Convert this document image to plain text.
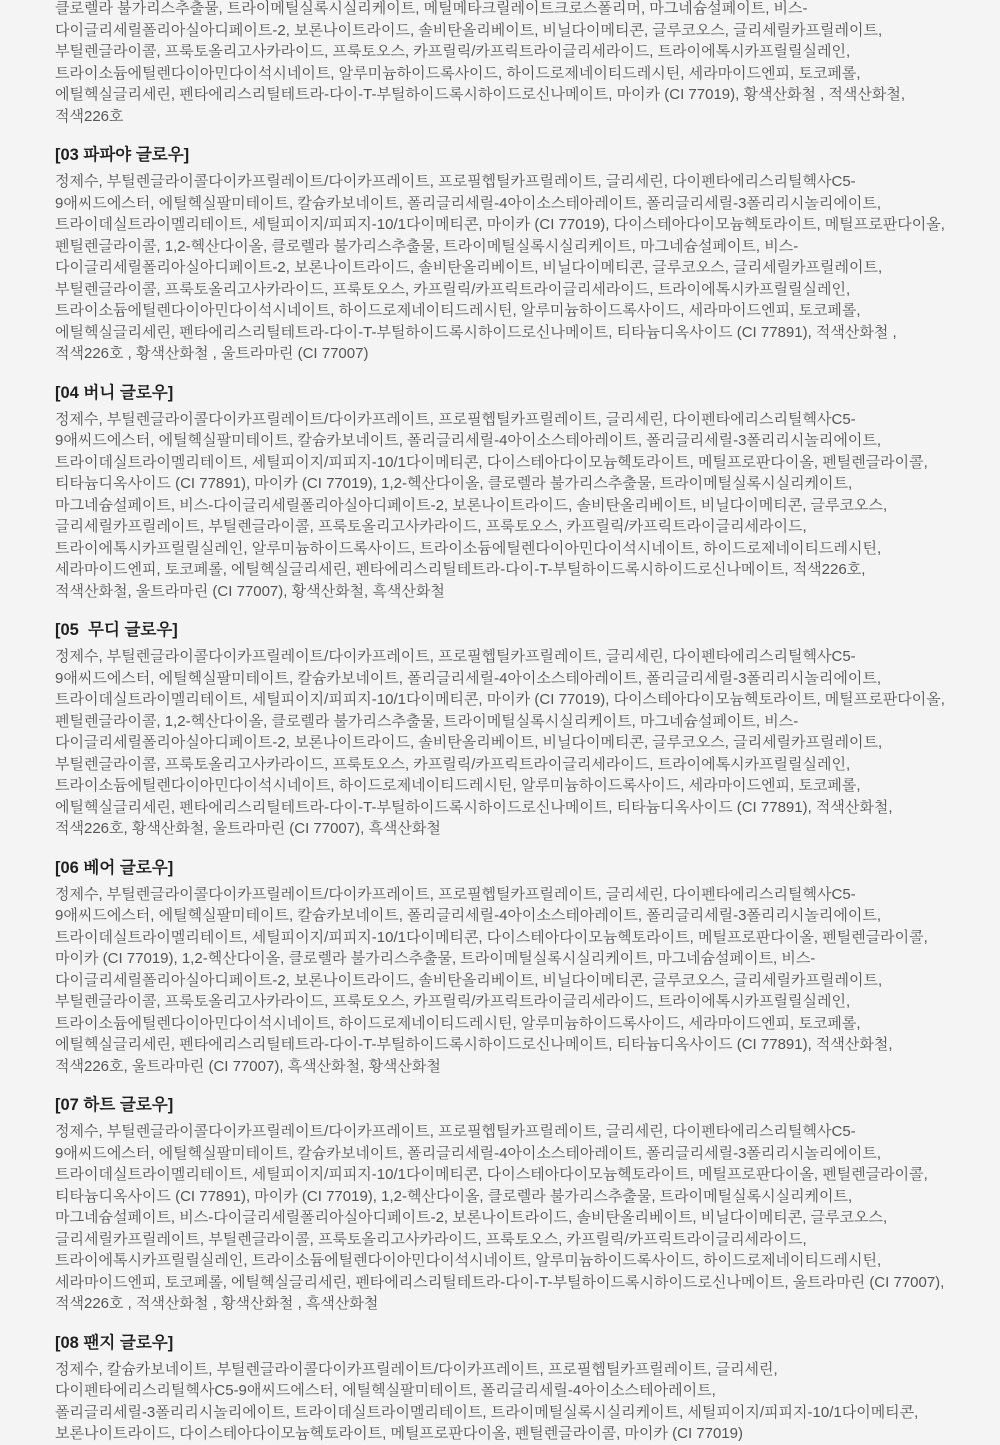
클로렐라 불가리스추출물, 트라이메틸실록시실리케이트, 메틸메타크릴레이트크로스폴리머, 마그네슘설페이트, 비스-다이글리세릴폴리아실아디페이트-2, 보론나이트라이드, 솔비탄올리베이트, 비닐다이메티콘, 글루코오스, 글리세릴카프릴레이트, 부틸렌글라이콜, 프룩토올리고사카라이드, 프룩토오스, 카프릴릭/카프릭트라이글리세라이드, 트라이에톡시카프릴릴실레인, 트라이소듐에틸렌다이아민다이석시네이트, 알루미늄하이드록사이드, 하이드로제네이티드레시틴, 세라마이드엔피, 토코페롤, 에틸헥실글리세린, 펜타에리스리틸테트라-다이-T-부틸하이드록시하이드로신나메이트, 마이카 (CI 77019), 황색산화철 , 적색산화철, 적색226호

[03 파파야 글로우]

정제수, 부틸렌글라이콜다이카프릴레이트/다이카프레이트, 프로필헵틸카프릴레이트, 글리세린, 다이펜타에리스리틸헥사C5-9애씨드에스터, 에틸헥실팔미테이트, 칼슘카보네이트, 폴리글리세릴-4아이소스테아레이트, 폴리글리세릴-3폴리리시놀리에이트, 트라이데실트라이멜리테이트, 세틸피이지/피피지-10/1다이메티콘, 마이카 (CI 77019), 다이스테아다이모늄헥토라이트, 메틸프로판다이올, 펜틸렌글라이콜, 1,2-헥산다이올, 클로렐라 불가리스추출물, 트라이메틸실록시실리케이트, 마그네슘설페이트, 비스-다이글리세릴폴리아실아디페이트-2, 보론나이트라이드, 솔비탄올리베이트, 비닐다이메티콘, 글루코오스, 글리세릴카프릴레이트, 부틸렌글라이콜, 프룩토올리고사카라이드, 프룩토오스, 카프릴릭/카프릭트라이글리세라이드, 트라이에톡시카프릴릴실레인, 트라이소듐에틸렌다이아민다이석시네이트, 하이드로제네이티드레시틴, 알루미늄하이드록사이드, 세라마이드엔피, 토코페롤, 에틸헥실글리세린, 펜타에리스리틸테트라-다이-T-부틸하이드록시하이드로신나메이트, 티타늄디옥사이드 (CI 77891), 적색산화철 , 적색226호 , 황색산화철 , 울트라마린 (CI 77007)

[04 버니 글로우]

정제수, 부틸렌글라이콜다이카프릴레이트/다이카프레이트, 프로필헵틸카프릴레이트, 글리세린, 다이펜타에리스리틸헥사C5-9애씨드에스터, 에틸헥실팔미테이트, 칼슘카보네이트, 폴리글리세릴-4아이소스테아레이트, 폴리글리세릴-3폴리리시놀리에이트, 트라이데실트라이멜리테이트, 세틸피이지/피피지-10/1다이메티콘, 다이스테아다이모늄헥토라이트, 메틸프로판다이올, 펜틸렌글라이콜, 티타늄디옥사이드 (CI 77891), 마이카 (CI 77019), 1,2-헥산다이올, 클로렐라 불가리스추출물, 트라이메틸실록시실리케이트, 마그네슘설페이트, 비스-다이글리세릴폴리아실아디페이트-2, 보론나이트라이드, 솔비탄올리베이트, 비닐다이메티콘, 글루코오스, 글리세릴카프릴레이트, 부틸렌글라이콜, 프룩토올리고사카라이드, 프룩토오스, 카프릴릭/카프릭트라이글리세라이드, 트라이에톡시카프릴릴실레인, 알루미늄하이드록사이드, 트라이소듐에틸렌다이아민다이석시네이트, 하이드로제네이티드레시틴, 세라마이드엔피, 토코페롤, 에틸헥실글리세린, 펜타에리스리틸테트라-다이-T-부틸하이드록시하이드로신나메이트, 적색226호, 적색산화철, 울트라마린 (CI 77007), 황색산화철, 흑색산화철

[05  무디 글로우]

정제수, 부틸렌글라이콜다이카프릴레이트/다이카프레이트, 프로필헵틸카프릴레이트, 글리세린, 다이펜타에리스리틸헥사C5-9애씨드에스터, 에틸헥실팔미테이트, 칼슘카보네이트, 폴리글리세릴-4아이소스테아레이트, 폴리글리세릴-3폴리리시놀리에이트, 트라이데실트라이멜리테이트, 세틸피이지/피피지-10/1다이메티콘, 마이카 (CI 77019), 다이스테아다이모늄헥토라이트, 메틸프로판다이올, 펜틸렌글라이콜, 1,2-헥산다이올, 클로렐라 불가리스추출물, 트라이메틸실록시실리케이트, 마그네슘설페이트, 비스-다이글리세릴폴리아실아디페이트-2, 보론나이트라이드, 솔비탄올리베이트, 비닐다이메티콘, 글루코오스, 글리세릴카프릴레이트, 부틸렌글라이콜, 프룩토올리고사카라이드, 프룩토오스, 카프릴릭/카프릭트라이글리세라이드, 트라이에톡시카프릴릴실레인, 트라이소듐에틸렌다이아민다이석시네이트, 하이드로제네이티드레시틴, 알루미늄하이드록사이드, 세라마이드엔피, 토코페롤, 에틸헥실글리세린, 펜타에리스리틸테트라-다이-T-부틸하이드록시하이드로신나메이트, 티타늄디옥사이드 (CI 77891), 적색산화철, 적색226호, 황색산화철, 울트라마린 (CI 77007), 흑색산화철

[06 베어 글로우]

정제수, 부틸렌글라이콜다이카프릴레이트/다이카프레이트, 프로필헵틸카프릴레이트, 글리세린, 다이펜타에리스리틸헥사C5-9애씨드에스터, 에틸헥실팔미테이트, 칼슘카보네이트, 폴리글리세릴-4아이소스테아레이트, 폴리글리세릴-3폴리리시놀리에이트, 트라이데실트라이멜리테이트, 세틸피이지/피피지-10/1다이메티콘, 다이스테아다이모늄헥토라이트, 메틸프로판다이올, 펜틸렌글라이콜, 마이카 (CI 77019), 1,2-헥산다이올, 클로렐라 불가리스추출물, 트라이메틸실록시실리케이트, 마그네슘설페이트, 비스-다이글리세릴폴리아실아디페이트-2, 보론나이트라이드, 솔비탄올리베이트, 비닐다이메티콘, 글루코오스, 글리세릴카프릴레이트, 부틸렌글라이콜, 프룩토올리고사카라이드, 프룩토오스, 카프릴릭/카프릭트라이글리세라이드, 트라이에톡시카프릴릴실레인, 트라이소듐에틸렌다이아민다이석시네이트, 하이드로제네이티드레시틴, 알루미늄하이드록사이드, 세라마이드엔피, 토코페롤, 에틸헥실글리세린, 펜타에리스리틸테트라-다이-T-부틸하이드록시하이드로신나메이트, 티타늄디옥사이드 (CI 77891), 적색산화철, 적색226호, 울트라마린 (CI 77007), 흑색산화철, 황색산화철

[07 하트 글로우]

정제수, 부틸렌글라이콜다이카프릴레이트/다이카프레이트, 프로필헵틸카프릴레이트, 글리세린, 다이펜타에리스리틸헥사C5-9애씨드에스터, 에틸헥실팔미테이트, 칼슘카보네이트, 폴리글리세릴-4아이소스테아레이트, 폴리글리세릴-3폴리리시놀리에이트, 트라이데실트라이멜리테이트, 세틸피이지/피피지-10/1다이메티콘, 다이스테아다이모늄헥토라이트, 메틸프로판다이올, 펜틸렌글라이콜, 티타늄디옥사이드 (CI 77891), 마이카 (CI 77019), 1,2-헥산다이올, 클로렐라 불가리스추출물, 트라이메틸실록시실리케이트, 마그네슘설페이트, 비스-다이글리세릴폴리아실아디페이트-2, 보론나이트라이드, 솔비탄올리베이트, 비닐다이메티콘, 글루코오스, 글리세릴카프릴레이트, 부틸렌글라이콜, 프룩토올리고사카라이드, 프룩토오스, 카프릴릭/카프릭트라이글리세라이드, 트라이에톡시카프릴릴실레인, 트라이소듐에틸렌다이아민다이석시네이트, 알루미늄하이드록사이드, 하이드로제네이티드레시틴, 세라마이드엔피, 토코페롤, 에틸헥실글리세린, 펜타에리스리틸테트라-다이-T-부틸하이드록시하이드로신나메이트, 울트라마린 (CI 77007), 적색226호 , 적색산화철 , 황색산화철 , 흑색산화철

[08 팬지 글로우]

정제수, 칼슘카보네이트, 부틸렌글라이콜다이카프릴레이트/다이카프레이트, 프로필헵틸카프릴레이트, 글리세린, 다이펜타에리스리틸헥사C5-9애씨드에스터, 에틸헥실팔미테이트, 폴리글리세릴-4아이소스테아레이트, 폴리글리세릴-3폴리리시놀리에이트, 트라이데실트라이멜리테이트, 트라이메틸실록시실리케이트, 세틸피이지/피피지-10/1다이메티콘, 보론나이트라이드, 다이스테아다이모늄헥토라이트, 메틸프로판다이올, 펜틸렌글라이콜, 마이카 (CI 77019)
